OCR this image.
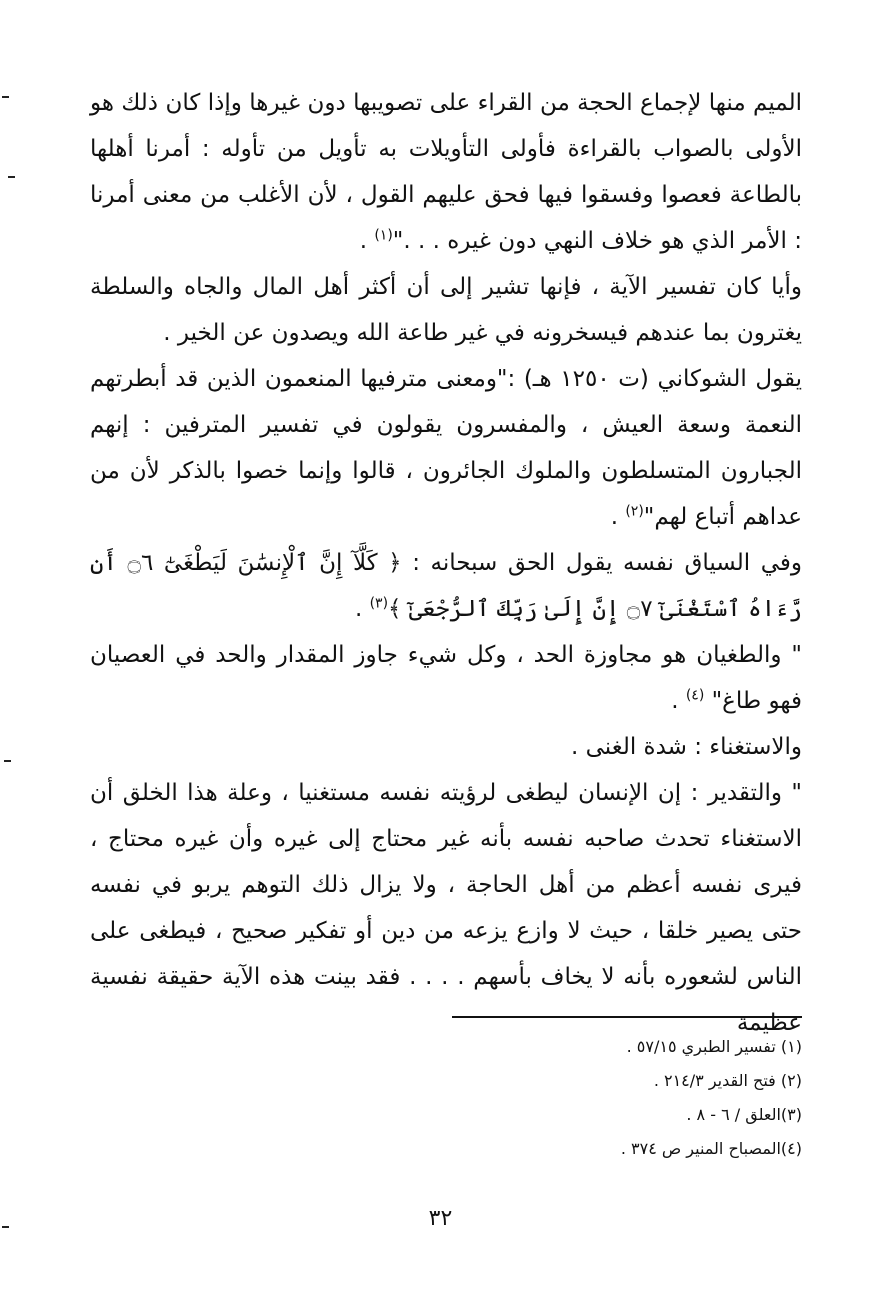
الميم منها لإجماع الحجة من القراء على تصويبها دون غيرها وإذا كان ذلك هو الأولى بالصواب بالقراءة فأولى التأويلات به تأويل من تأوله : أمرنا أهلها بالطاعة فعصوا وفسقوا فيها فحق عليهم القول ، لأن الأغلب من معنى أمرنا : الأمر الذي هو خلاف النهي دون غيره . . ."$^{(١)}$ .

وأيا كان تفسير الآية ، فإنها تشير إلى أن أكثر أهل المال والجاه والسلطة يغترون بما عندهم فيسخرونه في غير طاعة الله ويصدون عن الخير .

يقول الشوكاني (ت ١٢٥٠ هـ) :"ومعنى مترفيها المنعمون الذين قد أبطرتهم النعمة وسعة العيش ، والمفسرون يقولون في تفسير المترفين : إنهم الجبارون المتسلطون والملوك الجائرون ، قالوا وإنما خصوا بالذكر لأن من عداهم أتباع لهم"$^{(٢)}$ .

وفي السياق نفسه يقول الحق سبحانه : ﴿ كَلَّآ إِنَّ ٱلْإِنسَٰنَ لَيَطْغَىٰٓ ۝٦ أَن رَّءَاهُ ٱسْتَغْنَىٰٓ ۝٧ إِنَّ إِلَىٰ رَبِّكَ ٱلرُّجْعَىٰٓ ﴾$^{(٣)}$ .

" والطغيان هو مجاوزة الحد ، وكل شيء جاوز المقدار والحد في العصيان فهو طاغ" $^{(٤)}$ .

والاستغناء : شدة الغنى .

" والتقدير : إن الإنسان ليطغى لرؤيته نفسه مستغنيا ، وعلة هذا الخلق أن الاستغناء تحدث صاحبه نفسه بأنه غير محتاج إلى غيره وأن غيره محتاج ، فيرى نفسه أعظم من أهل الحاجة ، ولا يزال ذلك التوهم يربو في نفسه حتى يصير خلقا ، حيث لا وازع يزعه من دين أو تفكير صحيح ، فيطغى على الناس لشعوره بأنه لا يخاف بأسهم . . . . فقد بينت هذه الآية حقيقة نفسية عظيمة

(١) تفسير الطبري ٥٧/١٥ .
(٢) فتح القدير ٢١٤/٣ .
(٣)العلق / ٦ - ٨ .
(٤)المصباح المنير ص ٣٧٤ .
٣٢
